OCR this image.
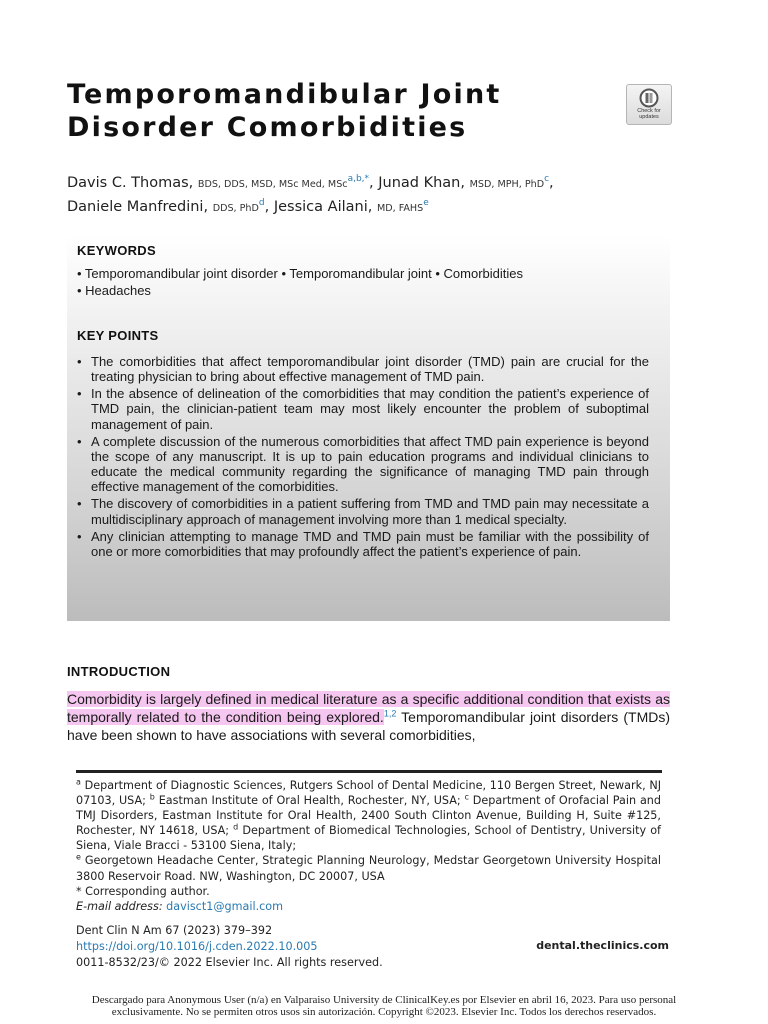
Temporomandibular Joint
Disorder Comorbidities
Check for
updates

Davis C. Thomas, BDS, DDS, MSD, MSc Med, MSc$^{a,b,*}$, Junad Khan, MSD, MPH, PhD$^c$,
Daniele Manfredini, DDS, PhD$^d$, Jessica Ailani, MD, FAHS$^e$

KEYWORDS
• Temporomandibular joint disorder • Temporomandibular joint • Comorbidities
• Headaches
KEY POINTS
• The comorbidities that affect temporomandibular joint disorder (TMD) pain are crucial for the treating physician to bring about effective management of TMD pain.
• In the absence of delineation of the comorbidities that may condition the patient’s experience of TMD pain, the clinician-patient team may most likely encounter the problem of suboptimal management of pain.
• A complete discussion of the numerous comorbidities that affect TMD pain experience is beyond the scope of any manuscript. It is up to pain education programs and individual clinicians to educate the medical community regarding the significance of managing TMD pain through effective management of the comorbidities.
• The discovery of comorbidities in a patient suffering from TMD and TMD pain may necessitate a multidisciplinary approach of management involving more than 1 medical specialty.
• Any clinician attempting to manage TMD and TMD pain must be familiar with the possibility of one or more comorbidities that may profoundly affect the patient’s experience of pain.
INTRODUCTION

Comorbidity is largely defined in medical literature as a specific additional condition that exists as temporally related to the condition being explored.$^{1,2}$ Temporomandibular joint disorders (TMDs) have been shown to have associations with several comorbidities,

$^a$ Department of Diagnostic Sciences, Rutgers School of Dental Medicine, 110 Bergen Street, Newark, NJ 07103, USA; $^b$ Eastman Institute of Oral Health, Rochester, NY, USA; $^c$ Department of Orofacial Pain and TMJ Disorders, Eastman Institute for Oral Health, 2400 South Clinton Avenue, Building H, Suite #125, Rochester, NY 14618, USA; $^d$ Department of Biomedical Technologies, School of Dentistry, University of Siena, Viale Bracci - 53100 Siena, Italy;
$^e$ Georgetown Headache Center, Strategic Planning Neurology, Medstar Georgetown University Hospital 3800 Reservoir Road. NW, Washington, DC 20007, USA
* Corresponding author.
E-mail address: davisct1@gmail.com

Dent Clin N Am 67 (2023) 379–392
https://doi.org/10.1016/j.cden.2022.10.005
0011-8532/23/© 2022 Elsevier Inc. All rights reserved.
dental.theclinics.com

Descargado para Anonymous User (n/a) en Valparaiso University de ClinicalKey.es por Elsevier en abril 16, 2023. Para uso personal
exclusivamente. No se permiten otros usos sin autorización. Copyright ©2023. Elsevier Inc. Todos los derechos reservados.
